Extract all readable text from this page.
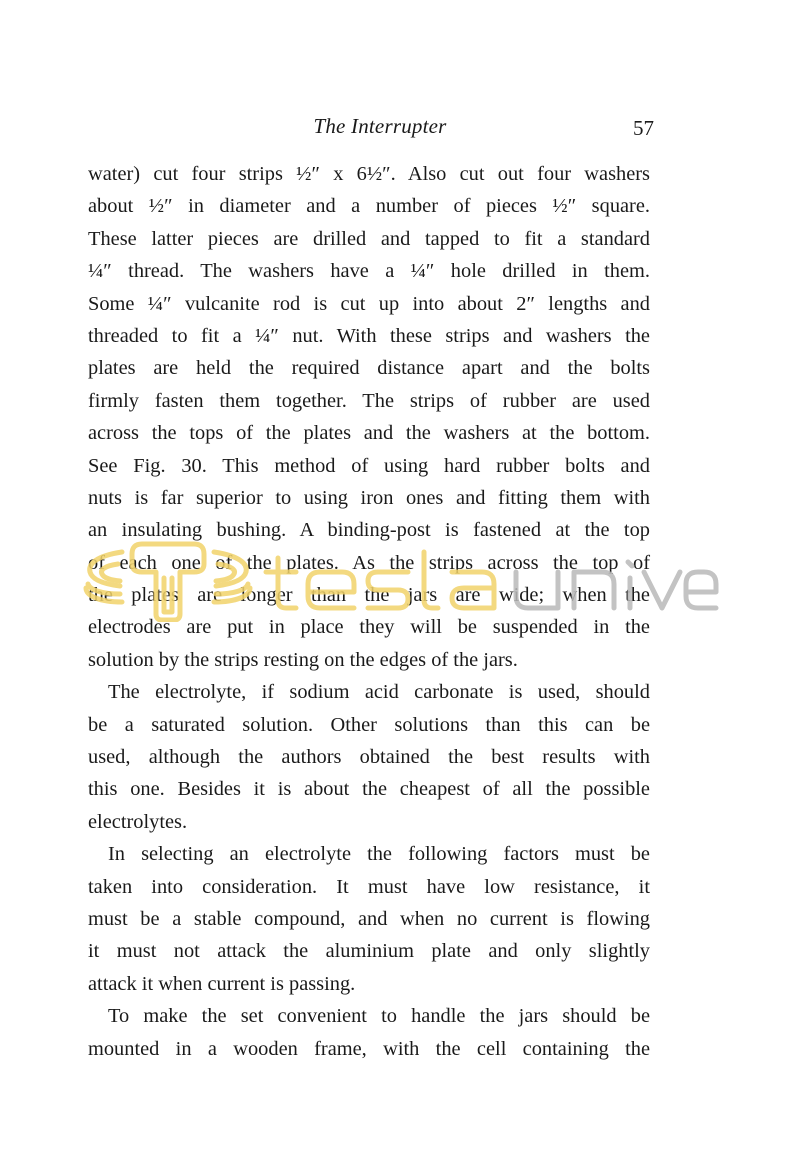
The Interrupter	57
water) cut four strips ½″ x 6½″. Also cut out four washers
about ½″ in diameter and a number of pieces ½″ square.
These latter pieces are drilled and tapped to fit a standard
¼″ thread. The washers have a ¼″ hole drilled in them.
Some ¼″ vulcanite rod is cut up into about 2″ lengths and
threaded to fit a ¼″ nut. With these strips and washers the
plates are held the required distance apart and the bolts
firmly fasten them together. The strips of rubber are used
across the tops of the plates and the washers at the bottom.
See Fig. 30. This method of using hard rubber bolts and
nuts is far superior to using iron ones and fitting them with
an insulating bushing. A binding-post is fastened at the top
of each one of the plates. As the strips across the top of
the plates are longer than the jars are wide; when the
electrodes are put in place they will be suspended in the
solution by the strips resting on the edges of the jars.
The electrolyte, if sodium acid carbonate is used, should
be a saturated solution. Other solutions than this can be
used, although the authors obtained the best results with
this one. Besides it is about the cheapest of all the possible
electrolytes.
In selecting an electrolyte the following factors must be
taken into consideration. It must have low resistance, it
must be a stable compound, and when no current is flowing
it must not attack the aluminium plate and only slightly
attack it when current is passing.
To make the set convenient to handle the jars should be
mounted in a wooden frame, with the cell containing the
